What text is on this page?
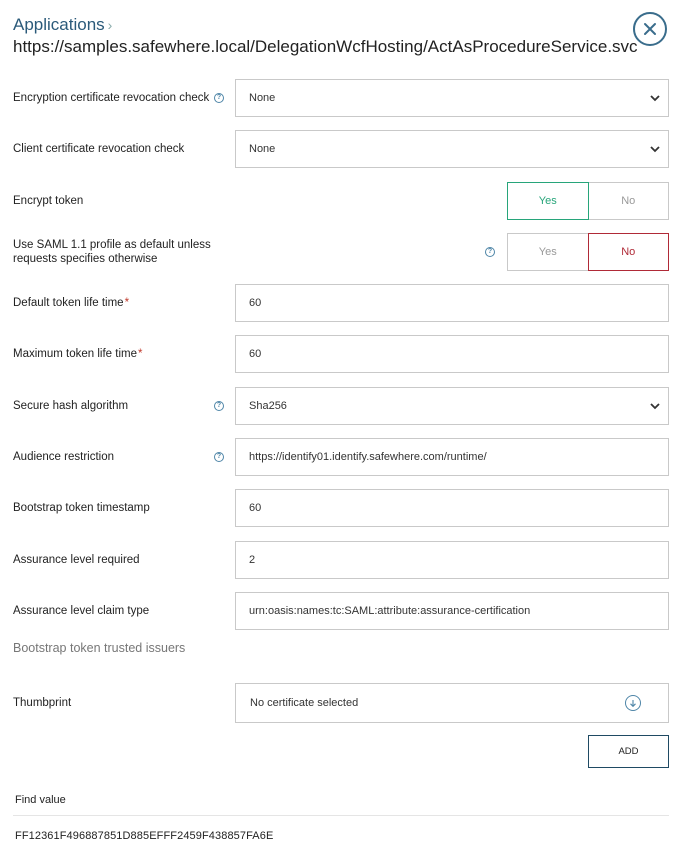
Applications ›
https://samples.safewhere.local/DelegationWcfHosting/ActAsProcedureService.svc
Encryption certificate revocation check	?	None
Client certificate revocation check	None
Encrypt token	Yes	No
Use SAML 1.1 profile as default unless
requests specifies otherwise
?	Yes	No
Default token life time*	60
Maximum token life time*	60
Secure hash algorithm	?	Sha256
Audience restriction	?	https://identify01.identify.safewhere.com/runtime/
Bootstrap token timestamp	60
Assurance level required	2
Assurance level claim type	urn:oasis:names:tc:SAML:attribute:assurance-certification
Bootstrap token trusted issuers
Thumbprint	No certificate selected
ADD
Find value
FF12361F496887851D885EFFF2459F438857FA6E
